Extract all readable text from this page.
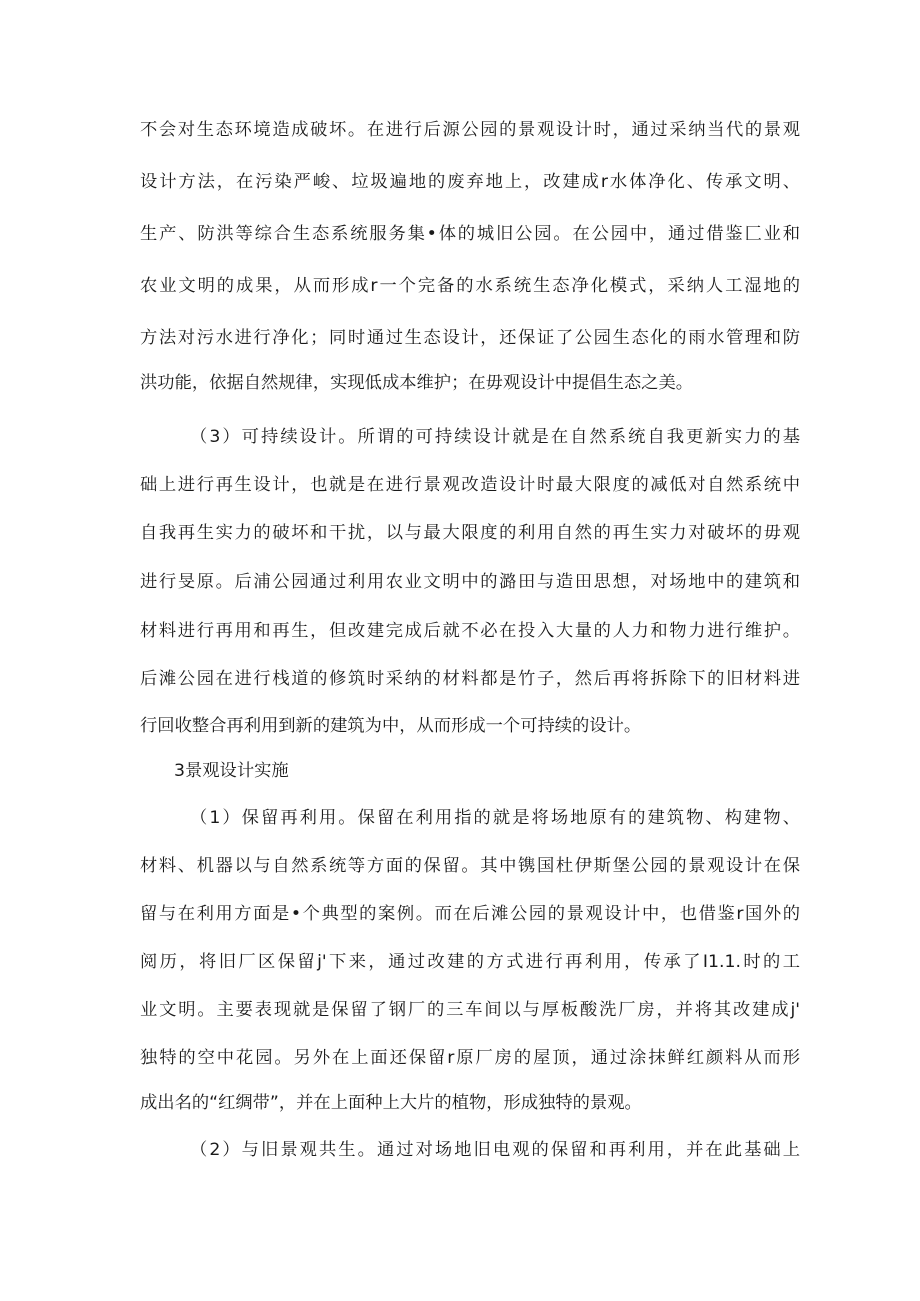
不会对生态环境造成破坏。在进行后源公园的景观设计时，通过采纳当代的景观
设计方法，在污染严峻、垃圾遍地的废弃地上，改建成r水体净化、传承文明、
生产、防洪等综合生态系统服务集•体的城旧公园。在公园中，通过借鉴匚业和
农业文明的成果，从而形成r一个完备的水系统生态净化模式，采纳人工湿地的
方法对污水进行净化；同时通过生态设计，还保证了公园生态化的雨水管理和防
洪功能，依据自然规律，实现低成本维护；在毋观设计中提倡生态之美。
（3）可持续设计。所谓的可持续设计就是在自然系统自我更新实力的基
础上进行再生设计，也就是在进行景观改造设计时最大限度的减低对自然系统中
自我再生实力的破坏和干扰，以与最大限度的利用自然的再生实力对破坏的毋观
进行旻原。后浦公园通过利用农业文明中的潞田与造田思想，对场地中的建筑和
材料进行再用和再生，但改建完成后就不必在投入大量的人力和物力进行维护。
后滩公园在进行栈道的修筑时采纳的材料都是竹子，然后再将拆除下的旧材料进
行回收整合再利用到新的建筑为中，从而形成一个可持续的设计。
3景观设计实施
（1）保留再利用。保留在利用指的就是将场地原有的建筑物、构建物、
材料、机器以与自然系统等方面的保留。其中镌国杜伊斯堡公园的景观设计在保
留与在利用方面是•个典型的案例。而在后滩公园的景观设计中，也借鉴r国外的
阅历，将旧厂区保留j'下来，通过改建的方式进行再利用，传承了I1.1.时的工
业文明。主要表现就是保留了钢厂的三车间以与厚板酸洗厂房，并将其改建成j'
独特的空中花园。另外在上面还保留r原厂房的屋顶，通过涂抹鲜红颜料从而形
成出名的“红绸带”，并在上面种上大片的植物，形成独特的景观。
（2）与旧景观共生。通过对场地旧电观的保留和再利用，并在此基础上
